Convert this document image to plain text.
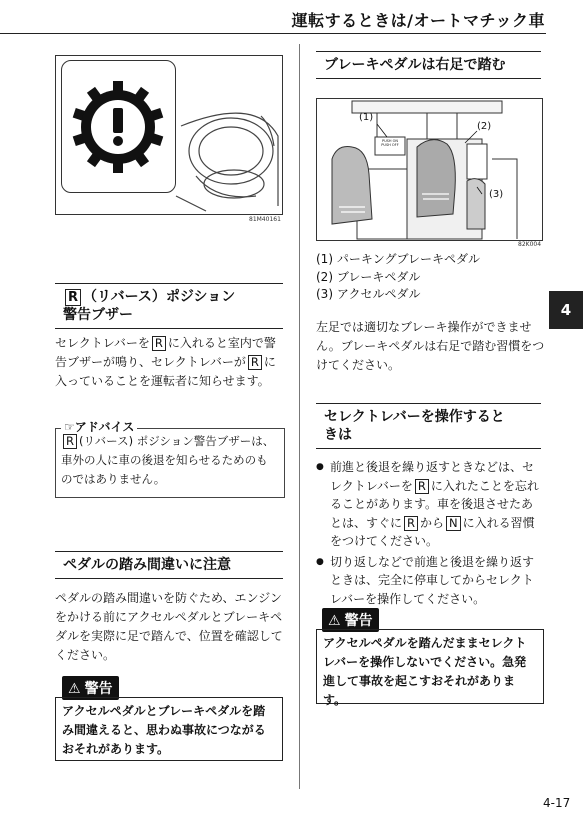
運転するときは/オートマチック車
81M40161
R （リバース）ポジション
警告ブザー
セレクトレバーを R に入れると室内で警告ブザーが鳴り、セレクトレバーが R に入っていることを運転者に知らせます。
☞アドバイス
R (リバース) ポジション警告ブザーは、車外の人に車の後退を知らせるためのものではありません。
ペダルの踏み間違いに注意
ペダルの踏み間違いを防ぐため、エンジンをかける前にアクセルペダルとブレーキペダルを実際に足で踏んで、位置を確認してください。
⚠ 警告
アクセルペダルとブレーキペダルを踏み間違えると、思わぬ事故につながるおそれがあります。
ブレーキペダルは右足で踏む
PUSH ON PUSH OFF
(1)
(2)
(3)
82K004
(1) パーキングブレーキペダル
(2) ブレーキペダル
(3) アクセルペダル
左足では適切なブレーキ操作ができません。ブレーキペダルは右足で踏む習慣をつけてください。
セレクトレバーを操作すると
きは
● 前進と後退を繰り返すときなどは、セレクトレバーを R に入れたことを忘れることがあります。車を後退させたあとは、すぐに R から N に入れる習慣をつけてください。
● 切り返しなどで前進と後退を繰り返すときは、完全に停車してからセレクトレバーを操作してください。
⚠ 警告
アクセルペダルを踏んだままセレクトレバーを操作しないでください。急発進して事故を起こすおそれがあります。
4
4-17
